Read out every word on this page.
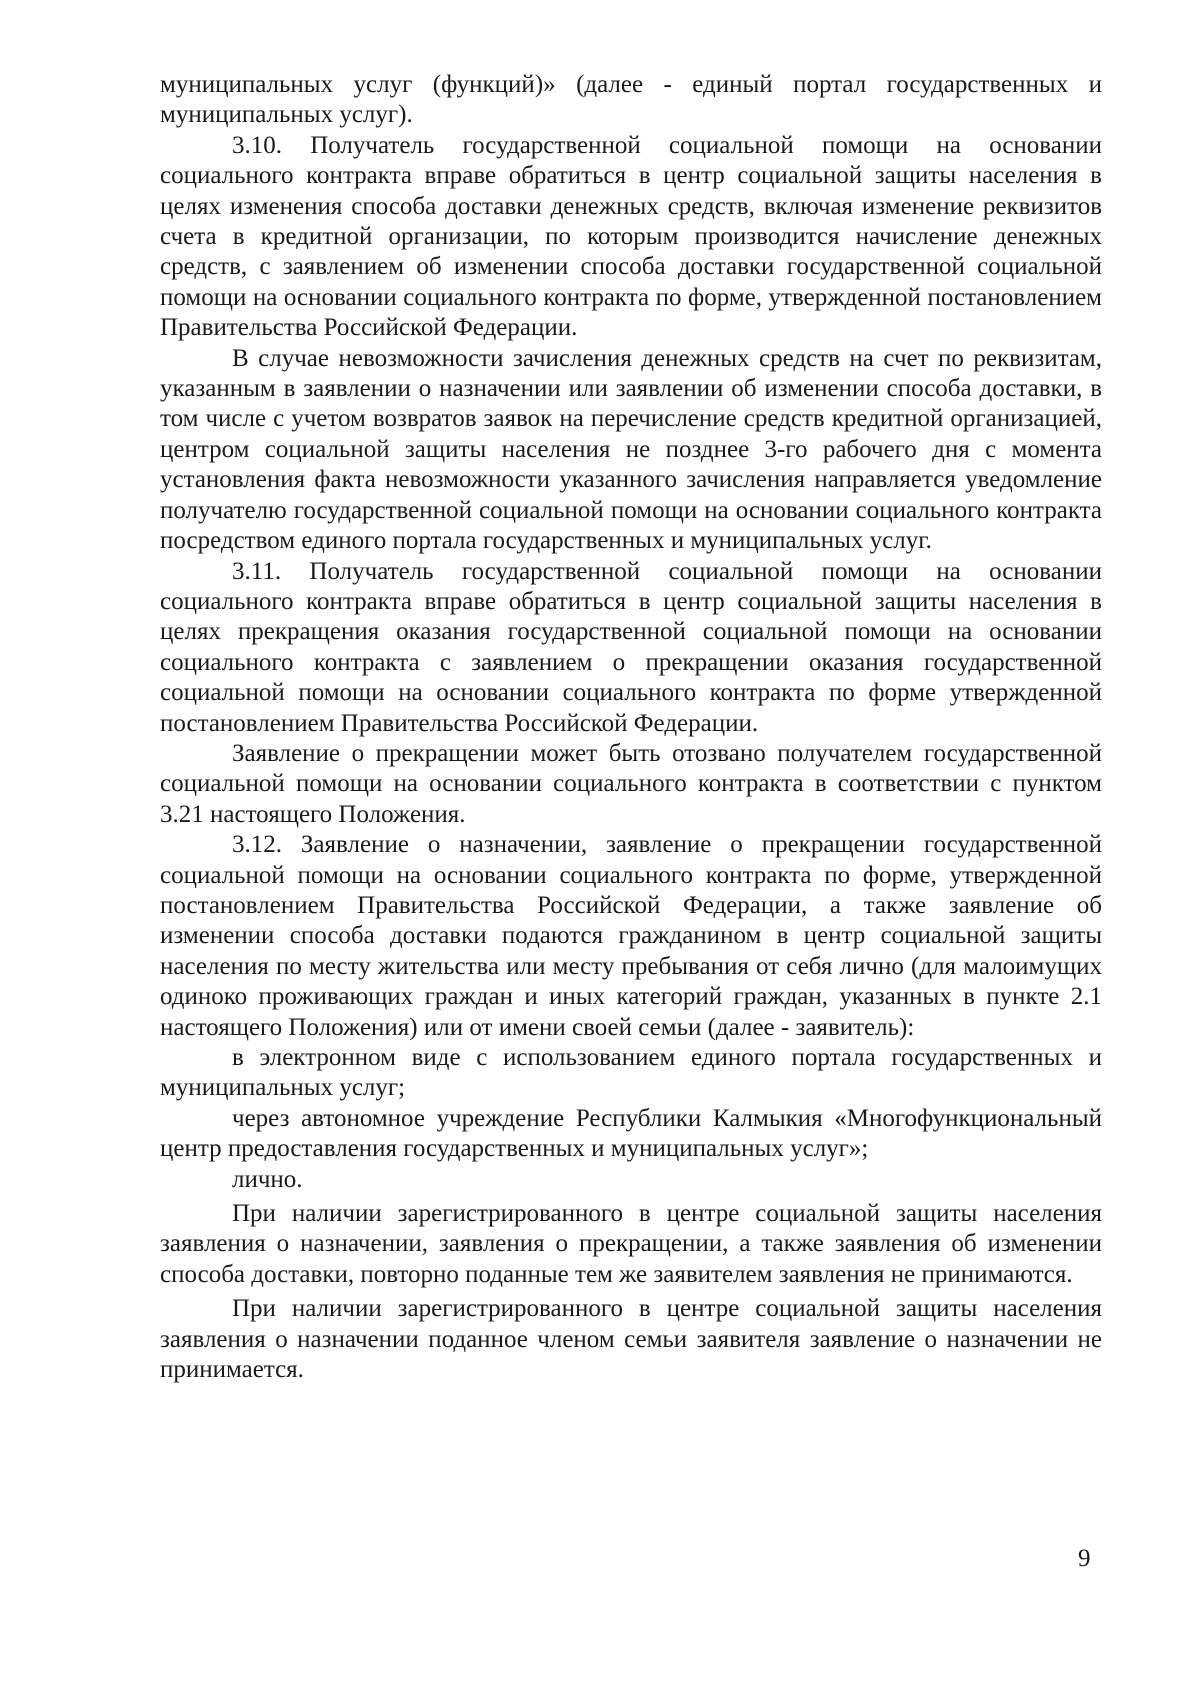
муниципальных услуг (функций)» (далее - единый портал государственных и муниципальных услуг).

3.10. Получатель государственной социальной помощи на основании социального контракта вправе обратиться в центр социальной защиты населения в целях изменения способа доставки денежных средств, включая изменение реквизитов счета в кредитной организации, по которым производится начисление денежных средств, с заявлением об изменении способа доставки государственной социальной помощи на основании социального контракта по форме, утвержденной постановлением Правительства Российской Федерации.

В случае невозможности зачисления денежных средств на счет по реквизитам, указанным в заявлении о назначении или заявлении об изменении способа доставки, в том числе с учетом возвратов заявок на перечисление средств кредитной организацией, центром социальной защиты населения не позднее 3-го рабочего дня с момента установления факта невозможности указанного зачисления направляется уведомление получателю государственной социальной помощи на основании социального контракта посредством единого портала государственных и муниципальных услуг.

3.11. Получатель государственной социальной помощи на основании социального контракта вправе обратиться в центр социальной защиты населения в целях прекращения оказания государственной социальной помощи на основании социального контракта с заявлением о прекращении оказания государственной социальной помощи на основании социального контракта по форме утвержденной постановлением Правительства Российской Федерации.

Заявление о прекращении может быть отозвано получателем государственной социальной помощи на основании социального контракта в соответствии с пунктом 3.21 настоящего Положения.

3.12. Заявление о назначении, заявление о прекращении государственной социальной помощи на основании социального контракта по форме, утвержденной постановлением Правительства Российской Федерации, а также заявление об изменении способа доставки подаются гражданином в центр социальной защиты населения по месту жительства или месту пребывания от себя лично (для малоимущих одиноко проживающих граждан и иных категорий граждан, указанных в пункте 2.1 настоящего Положения) или от имени своей семьи (далее - заявитель):

в электронном виде с использованием единого портала государственных и муниципальных услуг;

через автономное учреждение Республики Калмыкия «Многофункциональный центр предоставления государственных и муниципальных услуг»;

лично.

При наличии зарегистрированного в центре социальной защиты населения заявления о назначении, заявления о прекращении, а также заявления об изменении способа доставки, повторно поданные тем же заявителем заявления не принимаются.

При наличии зарегистрированного в центре социальной защиты населения заявления о назначении поданное членом семьи заявителя заявление о назначении не принимается.

9
